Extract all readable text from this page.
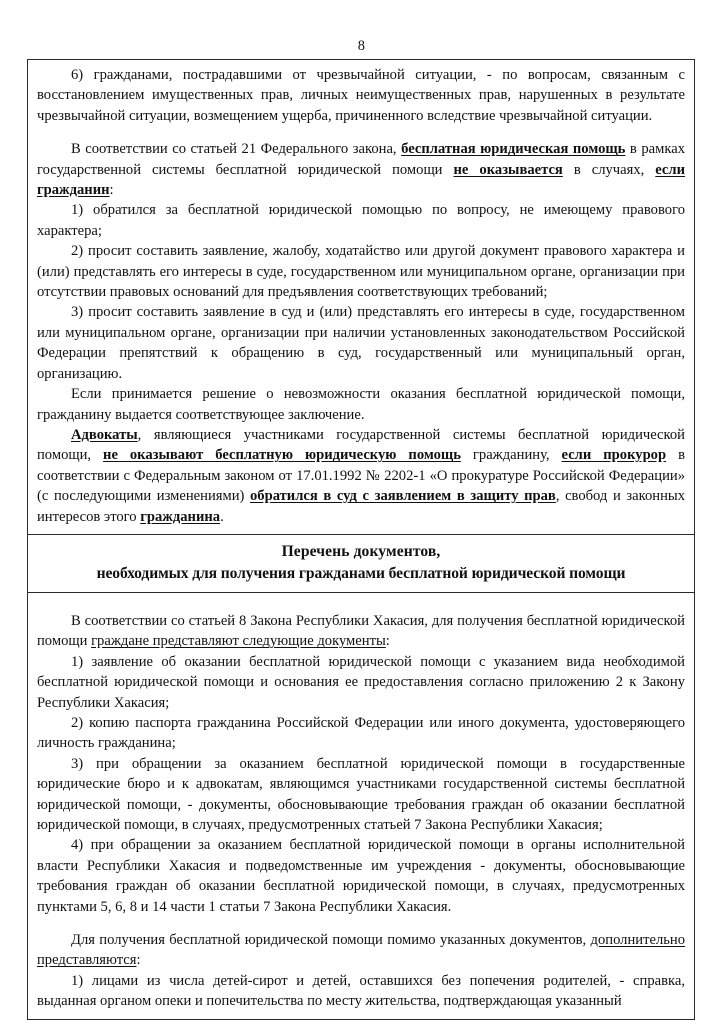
8

6) гражданами, пострадавшими от чрезвычайной ситуации, - по вопросам, связанным с восстановлением имущественных прав, личных неимущественных прав, нарушенных в результате чрезвычайной ситуации, возмещением ущерба, причиненного вследствие чрезвычайной ситуации.

В соответствии со статьей 21 Федерального закона, бесплатная юридическая помощь в рамках государственной системы бесплатной юридической помощи не оказывается в случаях, если гражданин:

1) обратился за бесплатной юридической помощью по вопросу, не имеющему правового характера;

2) просит составить заявление, жалобу, ходатайство или другой документ правового характера и (или) представлять его интересы в суде, государственном или муниципальном органе, организации при отсутствии правовых оснований для предъявления соответствующих требований;

3) просит составить заявление в суд и (или) представлять его интересы в суде, государственном или муниципальном органе, организации при наличии установленных законодательством Российской Федерации препятствий к обращению в суд, государственный или муниципальный орган, организацию.

Если принимается решение о невозможности оказания бесплатной юридической помощи, гражданину выдается соответствующее заключение.

Адвокаты, являющиеся участниками государственной системы бесплатной юридической помощи, не оказывают бесплатную юридическую помощь гражданину, если прокурор в соответствии с Федеральным законом от 17.01.1992 № 2202-1 «О прокуратуре Российской Федерации» (с последующими изменениями) обратился в суд с заявлением в защиту прав, свобод и законных интересов этого гражданина.

Перечень документов,

необходимых для получения гражданами бесплатной юридической помощи

В соответствии со статьей 8 Закона Республики Хакасия, для получения бесплатной юридической помощи граждане представляют следующие документы:

1) заявление об оказании бесплатной юридической помощи с указанием вида необходимой бесплатной юридической помощи и основания ее предоставления согласно приложению 2 к Закону Республики Хакасия;

2) копию паспорта гражданина Российской Федерации или иного документа, удостоверяющего личность гражданина;

3) при обращении за оказанием бесплатной юридической помощи в государственные юридические бюро и к адвокатам, являющимся участниками государственной системы бесплатной юридической помощи, - документы, обосновывающие требования граждан об оказании бесплатной юридической помощи, в случаях, предусмотренных статьей 7 Закона Республики Хакасия;

4) при обращении за оказанием бесплатной юридической помощи в органы исполнительной власти Республики Хакасия и подведомственные им учреждения - документы, обосновывающие требования граждан об оказании бесплатной юридической помощи, в случаях, предусмотренных пунктами 5, 6, 8 и 14 части 1 статьи 7 Закона Республики Хакасия.

Для получения бесплатной юридической помощи помимо указанных документов, дополнительно представляются:

1) лицами из числа детей-сирот и детей, оставшихся без попечения родителей, - справка, выданная органом опеки и попечительства по месту жительства, подтверждающая указанный
